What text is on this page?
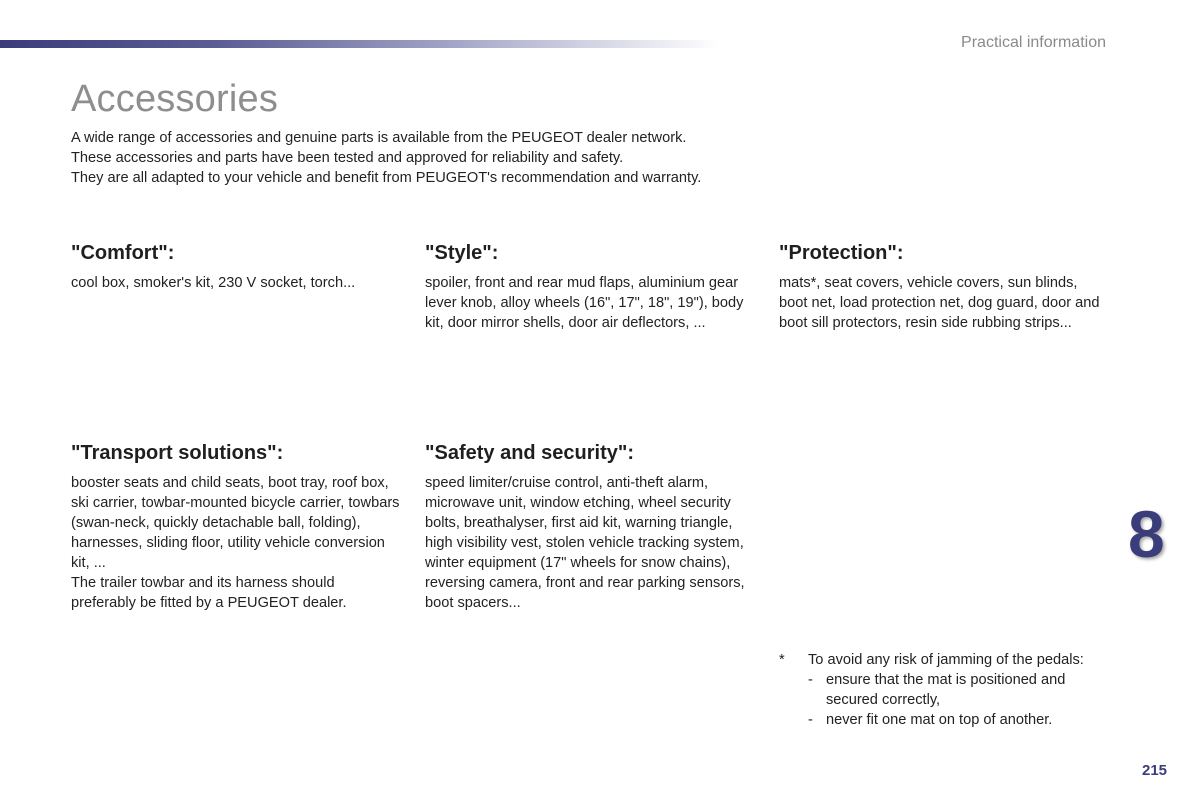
Practical information
Accessories
A wide range of accessories and genuine parts is available from the PEUGEOT dealer network.
These accessories and parts have been tested and approved for reliability and safety.
They are all adapted to your vehicle and benefit from PEUGEOT's recommendation and warranty.
"Comfort":

cool box, smoker's kit, 230 V socket, torch...

"Style":

spoiler, front and rear mud flaps, aluminium gear lever knob, alloy wheels (16", 17", 18", 19"), body kit, door mirror shells, door air deflectors, ...

"Protection":

mats*, seat covers, vehicle covers, sun blinds, boot net, load protection net, dog guard, door and boot sill protectors, resin side rubbing strips...

"Transport solutions":

booster seats and child seats, boot tray, roof box, ski carrier, towbar-mounted bicycle carrier, towbars (swan-neck, quickly detachable ball, folding), harnesses, sliding floor, utility vehicle conversion kit, ...

The trailer towbar and its harness should preferably be fitted by a PEUGEOT dealer.

"Safety and security":

speed limiter/cruise control, anti-theft alarm, microwave unit, window etching, wheel security bolts, breathalyser, first aid kit, warning triangle, high visibility vest, stolen vehicle tracking system, winter equipment (17" wheels for snow chains), reversing camera, front and rear parking sensors, boot spacers...

8
*	To avoid any risk of jamming of the pedals:
- ensure that the mat is positioned and secured correctly,
- never fit one mat on top of another.
215
